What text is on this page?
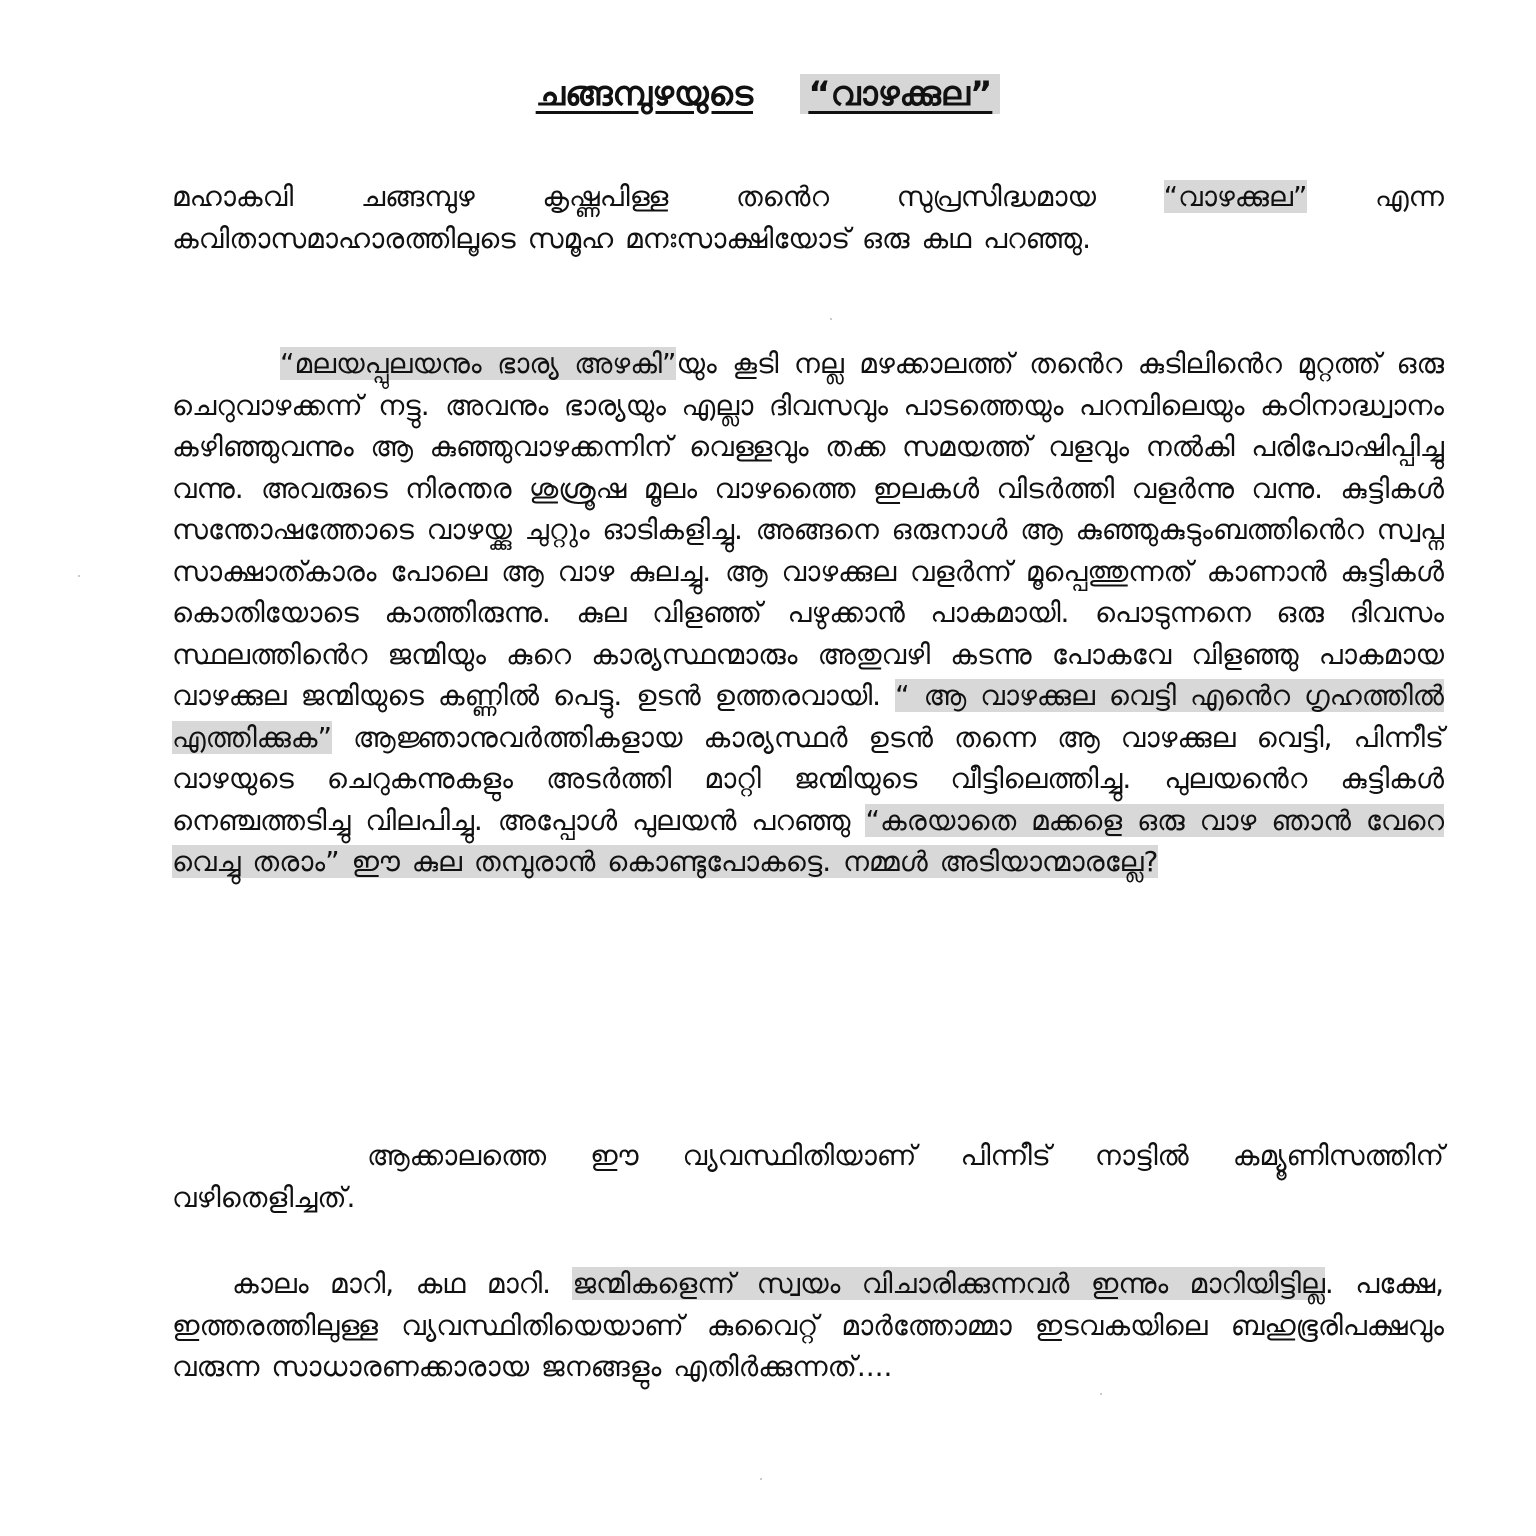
ചങ്ങമ്പുഴയുടെ “വാഴക്കുല”

മഹാകവി ചങ്ങമ്പുഴ കൃഷ്ണപിള്ള തൻെറ സുപ്രസിദ്ധമായ “വാഴക്കുല” എന്ന കവിതാസമാഹാരത്തിലൂടെ സമൂഹ മനഃസാക്ഷിയോട് ഒരു കഥ പറഞ്ഞു.

“മലയപ്പുലയനും ഭാര്യ അഴകി”യും കൂടി നല്ല മഴക്കാലത്ത് തൻെറ കുടിലിൻെറ മുറ്റത്ത് ഒരു ചെറുവാഴക്കന്ന് നട്ടു. അവനും ഭാര്യയും എല്ലാ ദിവസവും പാടത്തെയും പറമ്പിലെയും കഠിനാദ്ധ്വാനം കഴിഞ്ഞുവന്നും ആ കുഞ്ഞുവാഴക്കന്നിന് വെള്ളവും തക്ക സമയത്ത് വളവും നൽകി പരിപോഷിപ്പിച്ചു വന്നു. അവരുടെ നിരന്തര ശുശ്രൂഷ മൂലം വാഴത്തൈ ഇലകൾ വിടർത്തി വളർന്നു വന്നു. കുട്ടികൾ സന്തോഷത്തോടെ വാഴയ്ക്കു ചുറ്റും ഓടികളിച്ചു. അങ്ങനെ ഒരുനാൾ ആ കുഞ്ഞുകുടുംബത്തിൻെറ സ്വപ്ന സാക്ഷാത്കാരം പോലെ ആ വാഴ കുലച്ചു. ആ വാഴക്കുല വളർന്ന് മൂപ്പെത്തുന്നത് കാണാൻ കുട്ടികൾ കൊതിയോടെ കാത്തിരുന്നു. കുല വിളഞ്ഞ് പഴുക്കാൻ പാകമായി. പൊടുന്നനെ ഒരു ദിവസം സ്ഥലത്തിൻെറ ജന്മിയും കുറെ കാര്യസ്ഥന്മാരും അതുവഴി കടന്നു പോകവേ വിളഞ്ഞു പാകമായ വാഴക്കുല ജന്മിയുടെ കണ്ണിൽ പെട്ടു. ഉടൻ ഉത്തരവായി. “ ആ വാഴക്കുല വെട്ടി എൻെറ ഗൃഹത്തിൽ എത്തിക്കുക” ആജ്ഞാനുവർത്തികളായ കാര്യസ്ഥർ ഉടൻ തന്നെ ആ വാഴക്കുല വെട്ടി, പിന്നീട് വാഴയുടെ ചെറുകന്നുകളും അടർത്തി മാറ്റി ജന്മിയുടെ വീട്ടിലെത്തിച്ചു. പുലയൻെറ കുട്ടികൾ നെഞ്ചത്തടിച്ചു വിലപിച്ചു. അപ്പോൾ പുലയൻ പറഞ്ഞു “കരയാതെ മക്കളെ ഒരു വാഴ ഞാൻ വേറെ വെച്ചു തരാം” ഈ കുല തമ്പുരാൻ കൊണ്ടുപോകട്ടെ. നമ്മൾ അടിയാന്മാരല്ലേ?

ആക്കാലത്തെ ഈ വ്യവസ്ഥിതിയാണ് പിന്നീട് നാട്ടിൽ കമ്യൂണിസത്തിന് വഴിതെളിച്ചത്.

കാലം മാറി, കഥ മാറി. ജന്മികളെന്ന് സ്വയം വിചാരിക്കുന്നവർ ഇന്നും മാറിയിട്ടില്ല. പക്ഷേ, ഇത്തരത്തിലുള്ള വ്യവസ്ഥിതിയെയാണ് കുവൈറ്റ് മാർത്തോമ്മാ ഇടവകയിലെ ബഹുഭൂരിപക്ഷവും വരുന്ന സാധാരണക്കാരായ ജനങ്ങളും എതിർക്കുന്നത്....
